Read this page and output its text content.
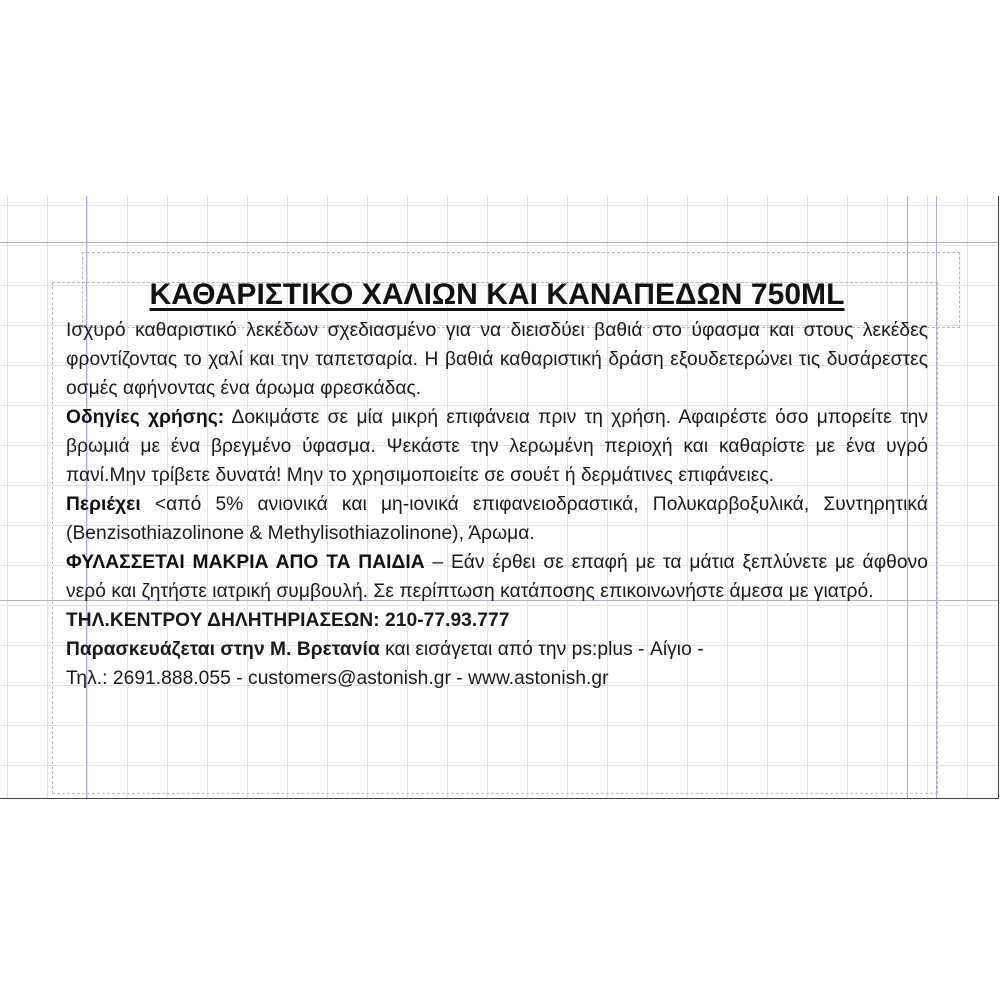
ΚΑΘΑΡΙΣΤΙΚΟ ΧΑΛΙΩΝ ΚΑΙ ΚΑΝΑΠΕΔΩΝ 750ML

Ισχυρό καθαριστικό λεκέδων σχεδιασμένο για να διεισδύει βαθιά στο ύφασμα και στους λεκέδες φροντίζοντας το χαλί και την ταπετσαρία. Η βαθιά καθαριστική δράση εξουδετερώνει τις δυσάρεστες οσμές αφήνοντας ένα άρωμα φρεσκάδας.

Οδηγίες χρήσης: Δοκιμάστε σε μία μικρή επιφάνεια πριν τη χρήση. Αφαιρέστε όσο μπορείτε την βρωμιά με ένα βρεγμένο ύφασμα. Ψεκάστε την λερωμένη περιοχή και καθαρίστε με ένα υγρό πανί.Μην τρίβετε δυνατά! Μην το χρησιμοποιείτε σε σουέτ ή δερμάτινες επιφάνειες.

Περιέχει <από 5% ανιονικά και μη-ιονικά επιφανειοδραστικά, Πολυκαρβοξυλικά, Συντηρητικά (Benzisothiazolinone & Methylisothiazolinone), Άρωμα.

ΦΥΛΑΣΣΕΤΑΙ ΜΑΚΡΙΑ ΑΠΟ ΤΑ ΠΑΙΔΙΑ – Εάν έρθει σε επαφή με τα μάτια ξεπλύνετε με άφθονο νερό και ζητήστε ιατρική συμβουλή. Σε περίπτωση κατάποσης επικοινωνήστε άμεσα με γιατρό.

ΤΗΛ.ΚΕΝΤΡΟΥ ΔΗΛΗΤΗΡΙΑΣΕΩΝ: 210-77.93.777

Παρασκευάζεται στην Μ. Βρετανία και εισάγεται από την ps:plus - Αίγιο -

Τηλ.: 2691.888.055 - customers@astonish.gr - www.astonish.gr
